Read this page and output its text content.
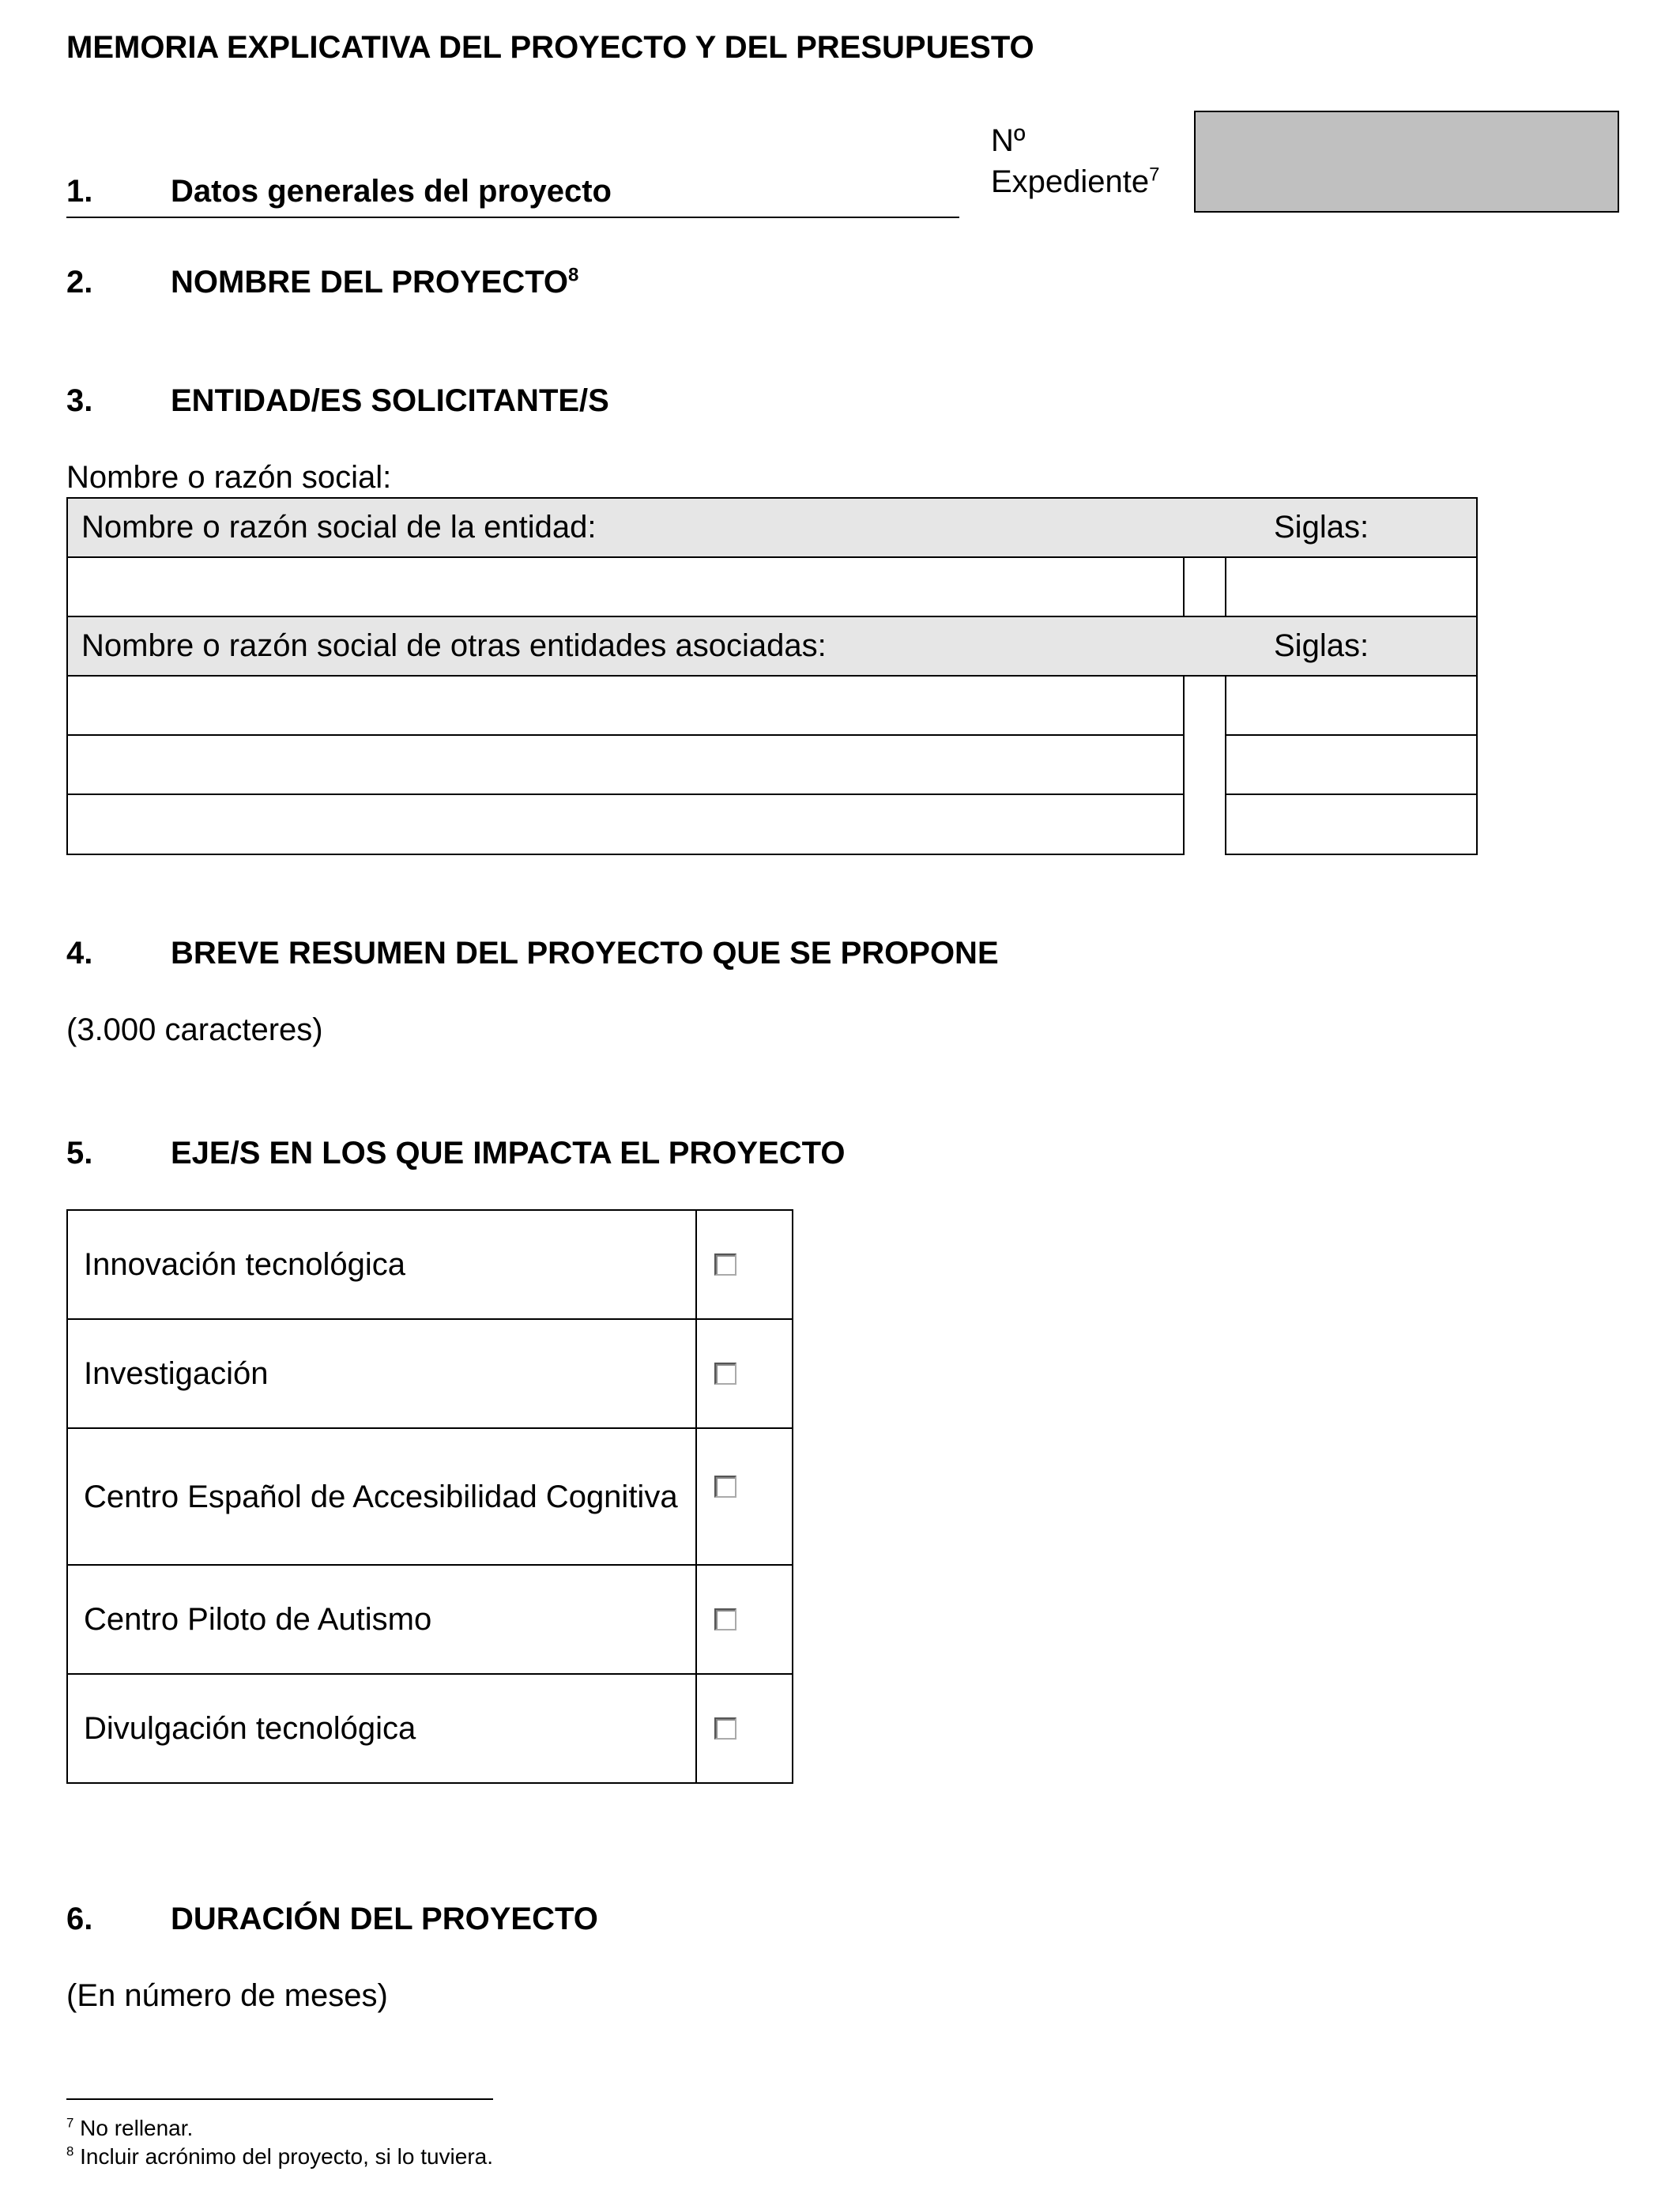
MEMORIA EXPLICATIVA DEL PROYECTO Y DEL PRESUPUESTO
1. Datos generales del proyecto
Nº
Expediente$^7$
2. NOMBRE DEL PROYECTO$^8$
3. ENTIDAD/ES SOLICITANTE/S
Nombre o razón social:
Nombre o razón social de la entidad:	Siglas:
Nombre o razón social de otras entidades asociadas:	Siglas:
4. BREVE RESUMEN DEL PROYECTO QUE SE PROPONE
(3.000 caracteres)
5. EJE/S EN LOS QUE IMPACTA EL PROYECTO
Innovación tecnológica	

Investigación	

Centro Español de Accesibilidad Cognitiva	

Centro Piloto de Autismo	

Divulgación tecnológica	
6. DURACIÓN DEL PROYECTO
(En número de meses)
$^7$ No rellenar.
$^8$ Incluir acrónimo del proyecto, si lo tuviera.
